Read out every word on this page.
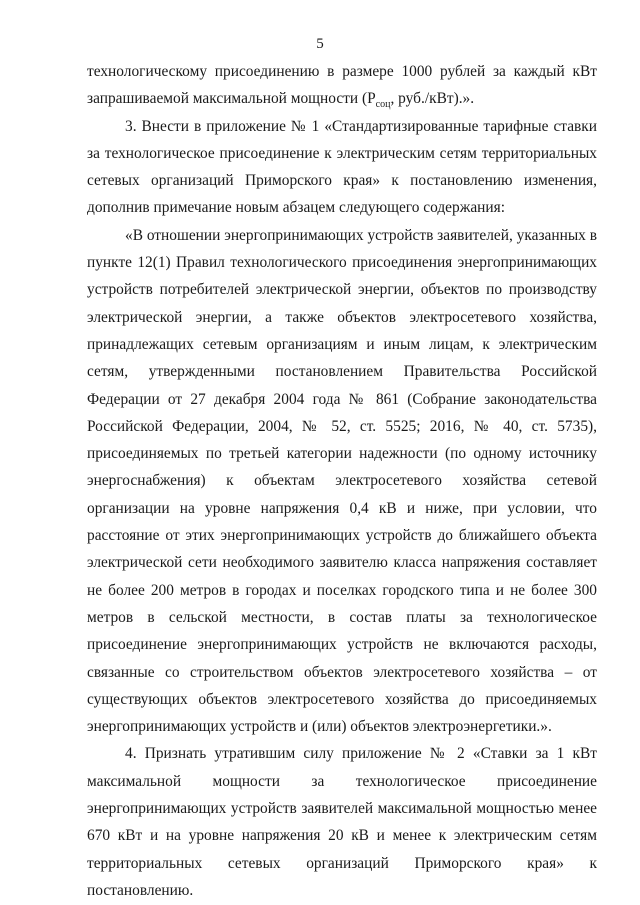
5

технологическому присоединению в размере 1000 рублей за каждый кВт запрашиваемой максимальной мощности ($P_{соц}$, руб./кВт).».

3. Внести в приложение № 1 «Стандартизированные тарифные ставки за технологическое присоединение к электрическим сетям территориальных сетевых организаций Приморского края» к постановлению изменения, дополнив примечание новым абзацем следующего содержания:

«В отношении энергопринимающих устройств заявителей, указанных в пункте 12(1) Правил технологического присоединения энергопринимающих устройств потребителей электрической энергии, объектов по производству электрической энергии, а также объектов электросетевого хозяйства, принадлежащих сетевым организациям и иным лицам, к электрическим сетям, утвержденными постановлением Правительства Российской Федерации от 27 декабря 2004 года № 861 (Собрание законодательства Российской Федерации, 2004, № 52, ст. 5525; 2016, № 40, ст. 5735), присоединяемых по третьей категории надежности (по одному источнику энергоснабжения) к объектам электросетевого хозяйства сетевой организации на уровне напряжения 0,4 кВ и ниже, при условии, что расстояние от этих энергопринимающих устройств до ближайшего объекта электрической сети необходимого заявителю класса напряжения составляет не более 200 метров в городах и поселках городского типа и не более 300 метров в сельской местности, в состав платы за технологическое присоединение энергопринимающих устройств не включаются расходы, связанные со строительством объектов электросетевого хозяйства – от существующих объектов электросетевого хозяйства до присоединяемых энергопринимающих устройств и (или) объектов электроэнергетики.».

4. Признать утратившим силу приложение № 2 «Ставки за 1 кВт максимальной мощности за технологическое присоединение энергопринимающих устройств заявителей максимальной мощностью менее 670 кВт и на уровне напряжения 20 кВ и менее к электрическим сетям территориальных сетевых организаций Приморского края» к постановлению.
